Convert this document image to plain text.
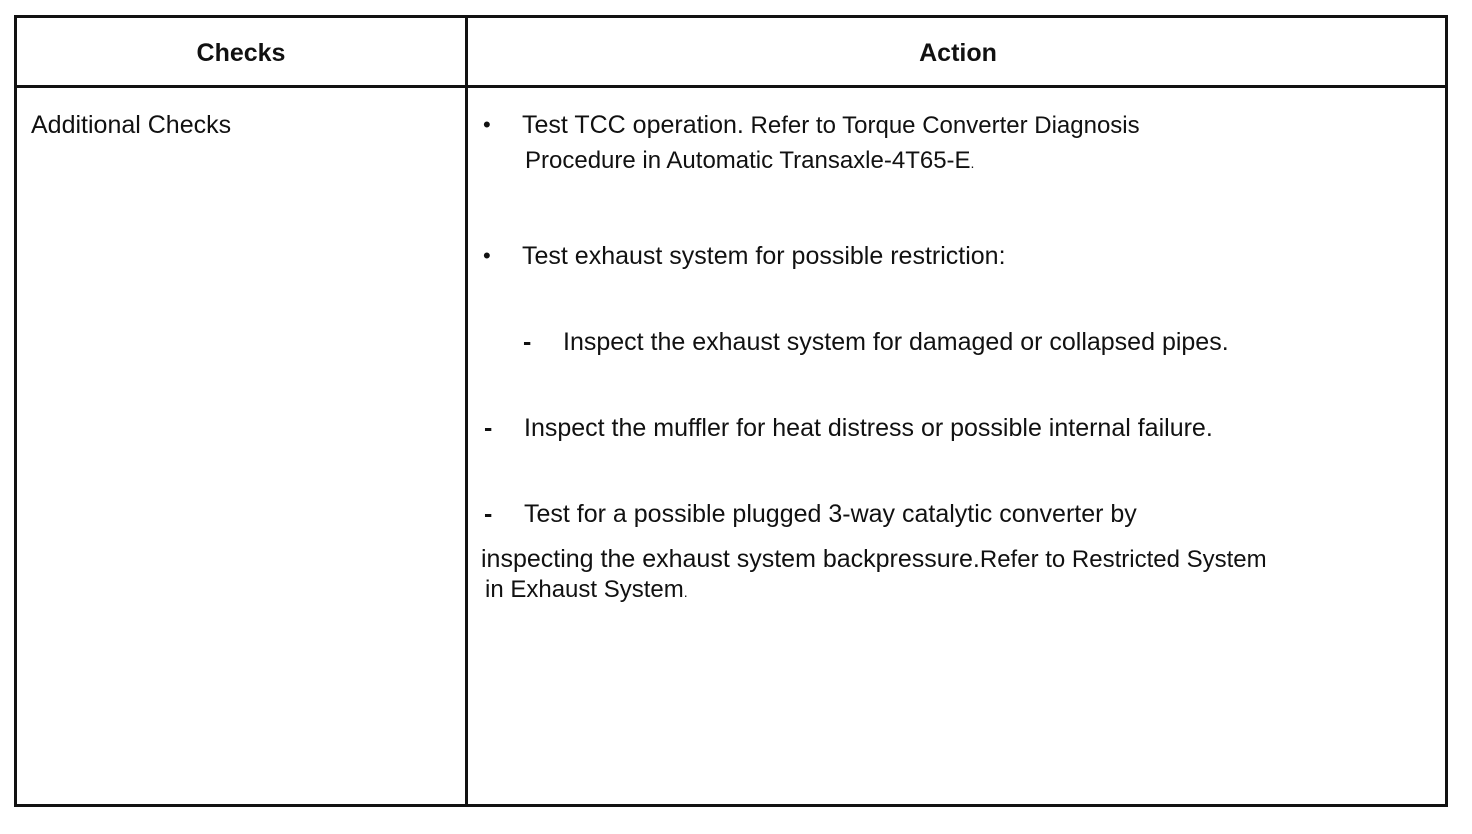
Checks	Action
Additional Checks	• Test TCC operation. Refer to Torque Converter Diagnosis
Procedure in Automatic Transaxle-4T65-E.
• Test exhaust system for possible restriction:
- Inspect the exhaust system for damaged or collapsed pipes.
- Inspect the muffler for heat distress or possible internal failure.
- Test for a possible plugged 3-way catalytic converter by
inspecting the exhaust system backpressure.Refer to Restricted System
in Exhaust System.
